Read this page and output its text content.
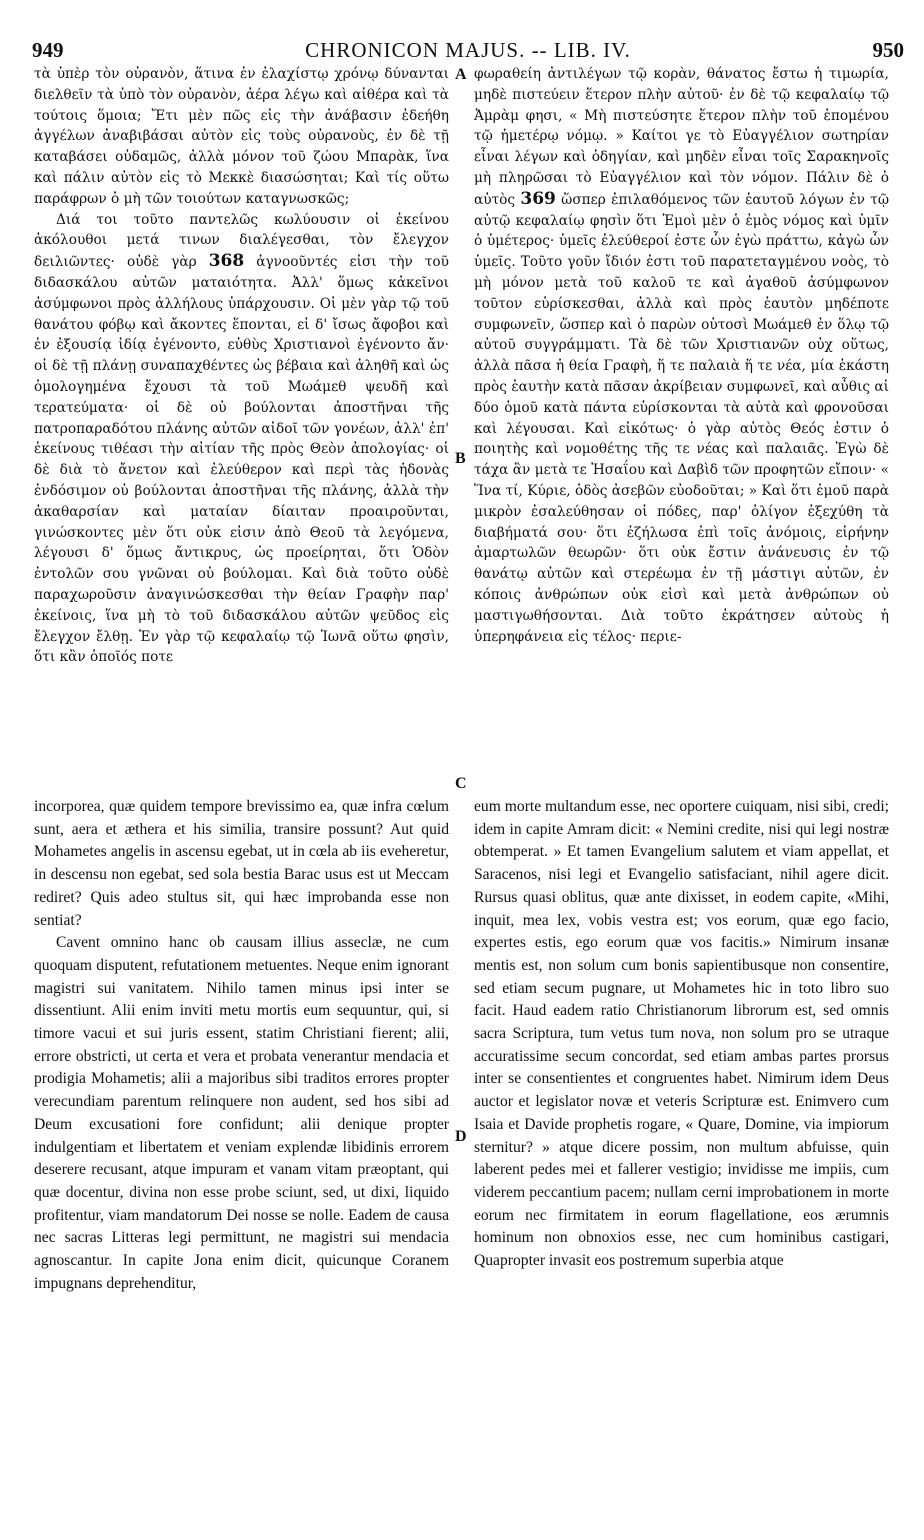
949	CHRONICON MAJUS. -- LIB. IV.	950

τὰ ὑπὲρ τὸν οὐρανὸν, ἅτινα ἐν ἐλαχίστῳ χρόνῳ δύνανται διελθεῖν τὰ ὑπὸ τὸν οὐρανὸν, ἀέρα λέγω καὶ αἰθέρα καὶ τὰ τούτοις ὅμοια; Ἔτι μὲν πῶς εἰς τὴν ἀνάβασιν ἐδεήθη ἀγγέλων ἀναβιβάσαι αὐτὸν εἰς τοὺς οὐρανοὺς, ἐν δὲ τῇ καταβάσει οὐδαμῶς, ἀλλὰ μόνον τοῦ ζώου Μπαρὰκ, ἵνα καὶ πάλιν αὐτὸν εἰς τὸ Μεκκὲ διασώσηται; Καὶ τίς οὕτω παράφρων ὁ μὴ τῶν τοιούτων καταγνωσκῶς;

Διά τοι τοῦτο παντελῶς κωλύουσιν οἱ ἐκείνου ἀκόλουθοι μετά τινων διαλέγεσθαι, τὸν ἔλεγχον δειλιῶντες· οὐδὲ γὰρ 368 ἀγνοοῦντές εἰσι τὴν τοῦ διδασκάλου αὐτῶν ματαιότητα. Ἀλλ' ὅμως κἀκεῖνοι ἀσύμφωνοι πρὸς ἀλλήλους ὑπάρχουσιν. Οἱ μὲν γὰρ τῷ τοῦ θανάτου φόβῳ καὶ ἄκοντες ἕπονται, εἰ δ' ἴσως ἄφοβοι καὶ ἐν ἐξουσίᾳ ἰδίᾳ ἐγένοντο, εὐθὺς Χριστιανοὶ ἐγένοντο ἄν· οἱ δὲ τῇ πλάνῃ συναπαχθέντες ὡς βέβαια καὶ ἀληθῆ καὶ ὡς ὁμολογημένα ἔχουσι τὰ τοῦ Μωάμεθ ψευδῆ καὶ τερατεύματα· οἱ δὲ οὐ βούλονται ἀποστῆναι τῆς πατροπαραδότου πλάνης αὐτῶν αἰδοῖ τῶν γονέων, ἀλλ' ἐπ' ἐκείνους τιθέασι τὴν αἰτίαν τῆς πρὸς Θεὸν ἀπολογίας· οἱ δὲ διὰ τὸ ἄνετον καὶ ἐλεύθερον καὶ περὶ τὰς ἡδονὰς ἐνδόσιμον οὐ βούλονται ἀποστῆναι τῆς πλάνης, ἀλλὰ τὴν ἀκαθαρσίαν καὶ ματαίαν δίαιταν προαιροῦνται, γινώσκοντες μὲν ὅτι οὐκ εἰσιν ἀπὸ Θεοῦ τὰ λεγόμενα, λέγουσι δ' ὅμως ἄντικρυς, ὡς προείρηται, ὅτι Ὁδὸν ἐντολῶν σου γνῶναι οὐ βούλομαι. Καὶ διὰ τοῦτο οὐδὲ παραχωροῦσιν ἀναγινώσκεσθαι τὴν θείαν Γραφὴν παρ' ἐκείνοις, ἵνα μὴ τὸ τοῦ διδασκάλου αὐτῶν ψεῦδος εἰς ἔλεγχον ἔλθῃ. Ἐν γὰρ τῷ κεφαλαίῳ τῷ Ἰωνᾶ οὕτω φησὶν, ὅτι κἂν ὁποῖός ποτε

φωραθείη ἀντιλέγων τῷ κορὰν, θάνατος ἔστω ἡ τιμωρία, μηδὲ πιστεύειν ἕτερον πλὴν αὐτοῦ· ἐν δὲ τῷ κεφαλαίῳ τῷ Ἀμρὰμ φησι, « Μὴ πιστεύσητε ἕτερον πλὴν τοῦ ἑπομένου τῷ ἡμετέρῳ νόμῳ. » Καίτοι γε τὸ Εὐαγγέλιον σωτηρίαν εἶναι λέγων καὶ ὁδηγίαν, καὶ μηδὲν εἶναι τοῖς Σαρακηνοῖς μὴ πληρῶσαι τὸ Εὐαγγέλιον καὶ τὸν νόμον. Πάλιν δὲ ὁ αὐτὸς 369 ὥσπερ ἐπιλαθόμενος τῶν ἑαυτοῦ λόγων ἐν τῷ αὐτῷ κεφαλαίῳ φησὶν ὅτι Ἐμοὶ μὲν ὁ ἐμὸς νόμος καὶ ὑμῖν ὁ ὑμέτερος· ὑμεῖς ἐλεύθεροί ἐστε ὧν ἐγὼ πράττω, κἀγὼ ὧν ὑμεῖς. Τοῦτο γοῦν ἴδιόν ἐστι τοῦ παρατεταγμένου νοὸς, τὸ μὴ μόνον μετὰ τοῦ καλοῦ τε καὶ ἀγαθοῦ ἀσύμφωνον τοῦτον εὑρίσκεσθαι, ἀλλὰ καὶ πρὸς ἑαυτὸν μηδέποτε συμφωνεῖν, ὥσπερ καὶ ὁ παρὼν οὑτοσὶ Μωάμεθ ἐν ὅλῳ τῷ αὐτοῦ συγγράμματι. Τὰ δὲ τῶν Χριστιανῶν οὐχ οὕτως, ἀλλὰ πᾶσα ἡ θεία Γραφὴ, ἥ τε παλαιὰ ἥ τε νέα, μία ἑκάστη πρὸς ἑαυτὴν κατὰ πᾶσαν ἀκρίβειαν συμφωνεῖ, καὶ αὖθις αἱ δύο ὁμοῦ κατὰ πάντα εὑρίσκονται τὰ αὐτὰ καὶ φρονοῦσαι καὶ λέγουσαι. Καὶ εἰκότως· ὁ γὰρ αὐτὸς Θεός ἐστιν ὁ ποιητὴς καὶ νομοθέτης τῆς τε νέας καὶ παλαιᾶς. Ἐγὼ δὲ τάχα ἂν μετὰ τε Ἠσαΐου καὶ Δαβὶδ τῶν προφητῶν εἴποιν· « Ἵνα τί, Κύριε, ὁδὸς ἀσεβῶν εὐοδοῦται; » Καὶ ὅτι ἐμοῦ παρὰ μικρὸν ἐσαλεύθησαν οἱ πόδες, παρ' ὀλίγον ἐξεχύθη τὰ διαβήματά σου· ὅτι ἐζήλωσα ἐπὶ τοῖς ἀνόμοις, εἰρήνην ἁμαρτωλῶν θεωρῶν· ὅτι οὐκ ἔστιν ἀνάνευσις ἐν τῷ θανάτῳ αὐτῶν καὶ στερέωμα ἐν τῇ μάστιγι αὐτῶν, ἐν κόποις ἀνθρώπων οὐκ εἰσὶ καὶ μετὰ ἀνθρώπων οὐ μαστιγωθήσονται. Διὰ τοῦτο ἐκράτησεν αὐτοὺς ἡ ὑπερηφάνεια εἰς τέλος· περιε-

A
B
C
D

incorporea, quæ quidem tempore brevissimo ea, quæ infra cœlum sunt, aera et æthera et his similia, transire possunt? Aut quid Mohametes angelis in ascensu egebat, ut in cœla ab iis eveheretur, in descensu non egebat, sed sola bestia Barac usus est ut Meccam rediret? Quis adeo stultus sit, qui hæc improbanda esse non sentiat?

Cavent omnino hanc ob causam illius asseclæ, ne cum quoquam disputent, refutationem metuentes. Neque enim ignorant magistri sui vanitatem. Nihilo tamen minus ipsi inter se dissentiunt. Alii enim inviti metu mortis eum sequuntur, qui, si timore vacui et sui juris essent, statim Christiani fierent; alii, errore obstricti, ut certa et vera et probata venerantur mendacia et prodigia Mohametis; alii a majoribus sibi traditos errores propter verecundiam parentum relinquere non audent, sed hos sibi ad Deum excusationi fore confidunt; alii denique propter indulgentiam et libertatem et veniam explendæ libidinis errorem deserere recusant, atque impuram et vanam vitam præoptant, qui quæ docentur, divina non esse probe sciunt, sed, ut dixi, liquido profitentur, viam mandatorum Dei nosse se nolle. Eadem de causa nec sacras Litteras legi permittunt, ne magistri sui mendacia agnoscantur. In capite Jona enim dicit, quicunque Coranem impugnans deprehenditur,

eum morte multandum esse, nec oportere cuiquam, nisi sibi, credi; idem in capite Amram dicit: « Nemini credite, nisi qui legi nostræ obtemperat. » Et tamen Evangelium salutem et viam appellat, et Saracenos, nisi legi et Evangelio satisfaciant, nihil agere dicit. Rursus quasi oblitus, quæ ante dixisset, in eodem capite, «Mihi, inquit, mea lex, vobis vestra est; vos eorum, quæ ego facio, expertes estis, ego eorum quæ vos facitis.» Nimirum insanæ mentis est, non solum cum bonis sapientibusque non consentire, sed etiam secum pugnare, ut Mohametes hic in toto libro suo facit. Haud eadem ratio Christianorum librorum est, sed omnis sacra Scriptura, tum vetus tum nova, non solum pro se utraque accuratissime secum concordat, sed etiam ambas partes prorsus inter se consentientes et congruentes habet. Nimirum idem Deus auctor et legislator novæ et veteris Scripturæ est. Enimvero cum Isaia et Davide prophetis rogare, « Quare, Domine, via impiorum sternitur? » atque dicere possim, non multum abfuisse, quin laberent pedes mei et fallerer vestigio; invidisse me impiis, cum viderem peccantium pacem; nullam cerni improbationem in morte eorum nec firmitatem in eorum flagellatione, eos ærumnis hominum non obnoxios esse, nec cum hominibus castigari, Quapropter invasit eos postremum superbia atque
